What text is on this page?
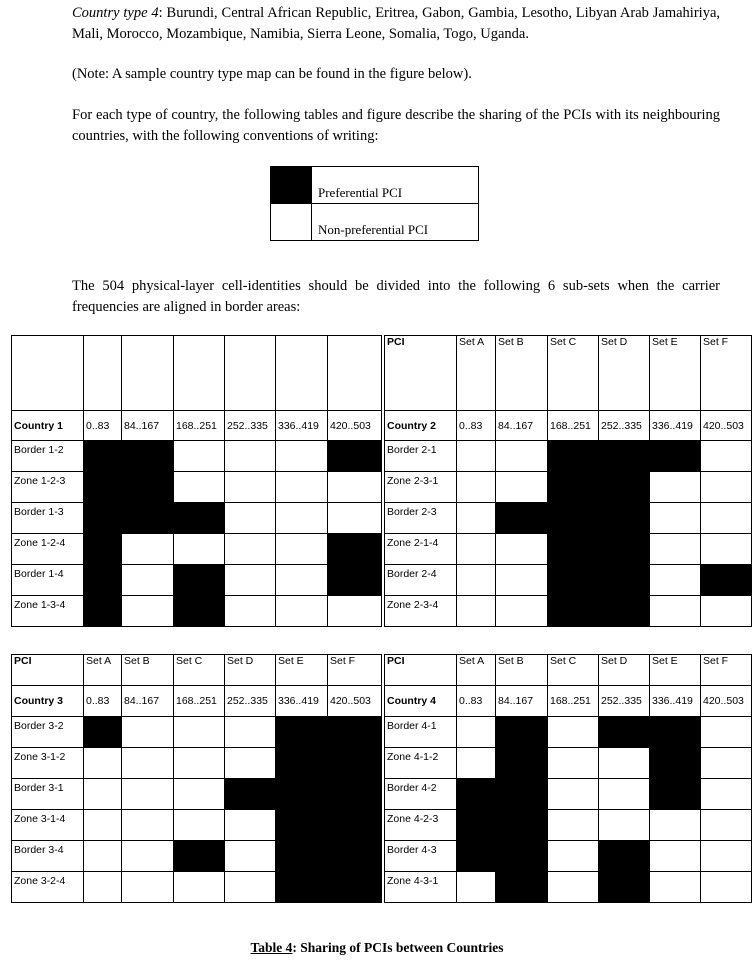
Country type 4: Burundi, Central African Republic, Eritrea, Gabon, Gambia, Lesotho, Libyan Arab Jamahiriya, Mali, Morocco, Mozambique, Namibia, Sierra Leone, Somalia, Togo, Uganda.
(Note: A sample country type map can be found in the figure below).
For each type of country, the following tables and figure describe the sharing of the PCIs with its neighbouring countries, with the following conventions of writing:
	Preferential PCI
	Non-preferential PCI
The 504 physical-layer cell-identities should be divided into the following 6 sub-sets when the carrier frequencies are aligned in border areas:

Country 1	0..83	84..167	168..251	252..335	336..419	420..503
Border 1-2						
Zone 1-2-3						
Border 1-3						
Zone 1-2-4						
Border 1-4						
Zone 1-3-4						
PCI	Set A	Set B	Set C	Set D	Set E	Set F
Country 2	0..83	84..167	168..251	252..335	336..419	420..503
Border 2-1						
Zone 2-3-1						
Border 2-3						
Zone 2-1-4						
Border 2-4						
Zone 2-3-4						
PCI	Set A	Set B	Set C	Set D	Set E	Set F
Country 3	0..83	84..167	168..251	252..335	336..419	420..503
Border 3-2						
Zone 3-1-2						
Border 3-1						
Zone 3-1-4						
Border 3-4						
Zone 3-2-4						
PCI	Set A	Set B	Set C	Set D	Set E	Set F
Country 4	0..83	84..167	168..251	252..335	336..419	420..503
Border 4-1						
Zone 4-1-2						
Border 4-2						
Zone 4-2-3						
Border 4-3						
Zone 4-3-1						
Table 4: Sharing of PCIs between Countries
